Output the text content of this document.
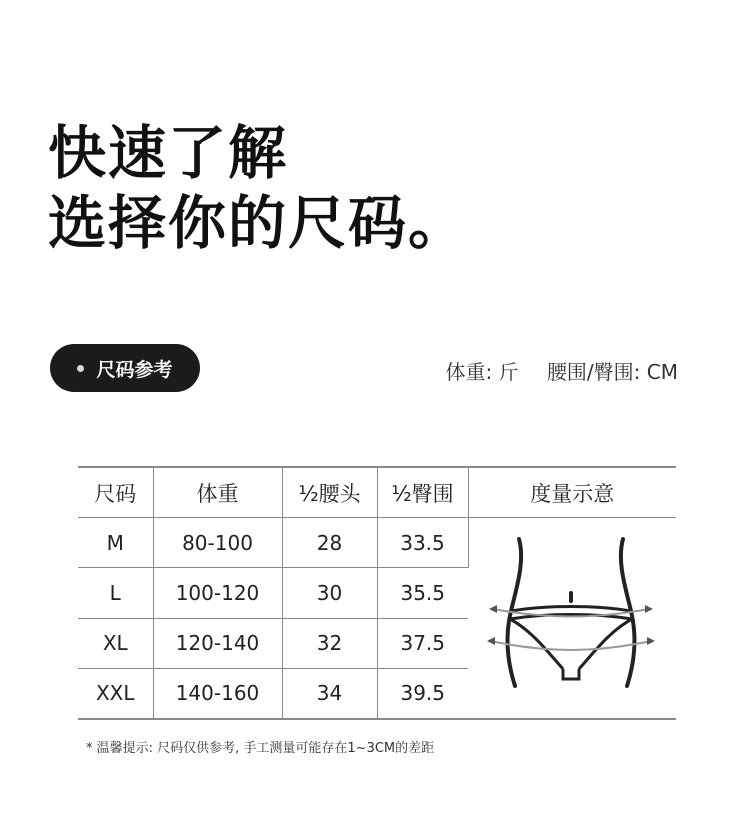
快速了解
选择你的尺码。
尺码参考	体重: 斤 腰围/臀围: CM
尺码	体重	½腰头	½臀围	度量示意
M	80-100	28	33.5	
L	100-120	30	35.5	
XL	120-140	32	37.5	
XXL	140-160	34	39.5	
* 温馨提示: 尺码仅供参考, 手工测量可能存在1~3CM的差距
